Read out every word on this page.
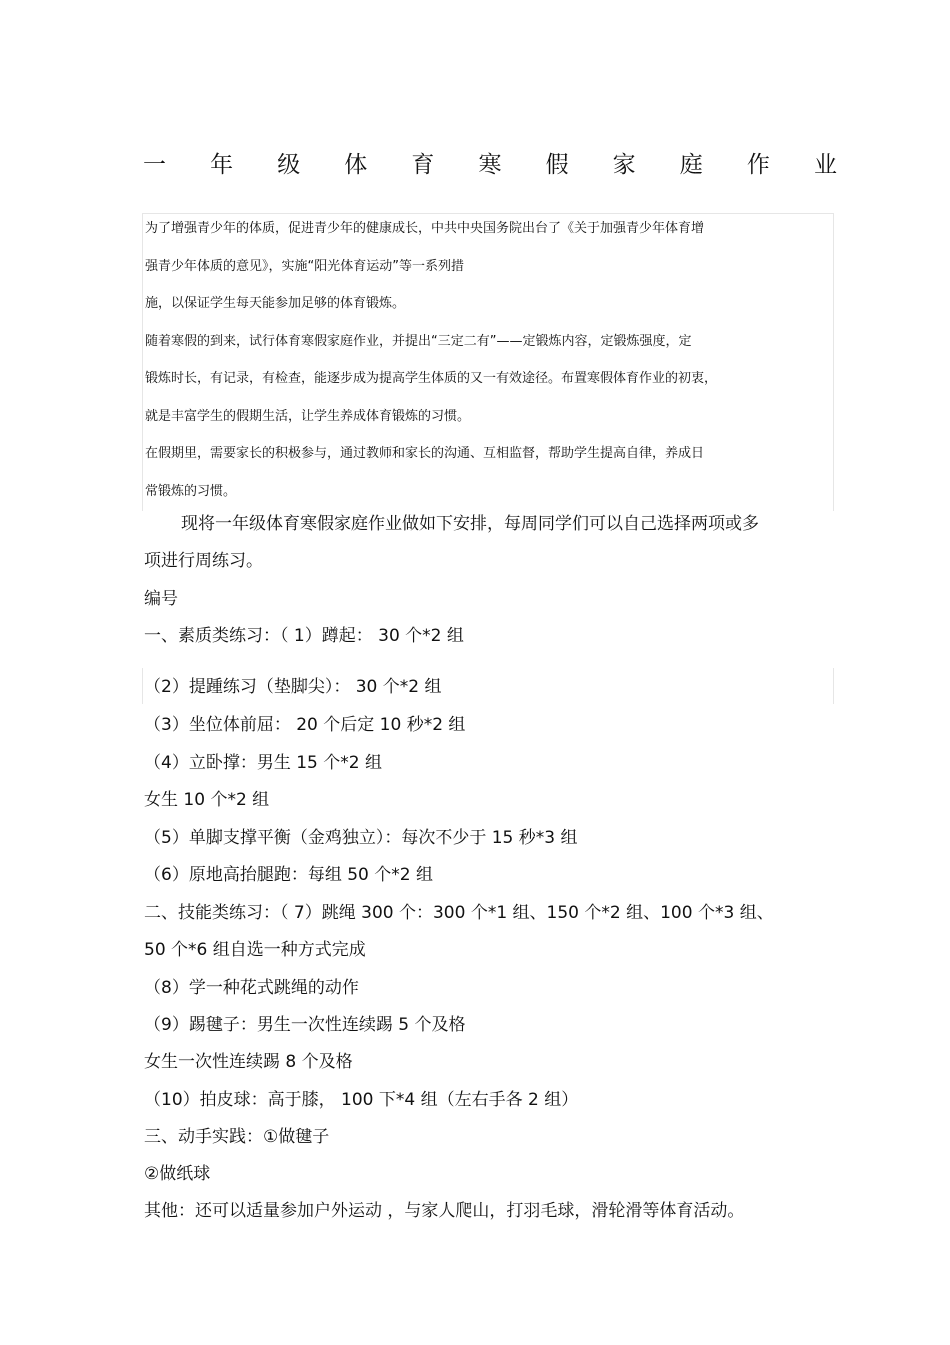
一 年 级 体 育 寒 假 家 庭 作 业
为了增强青少年的体质，促进青少年的健康成长，中共中央国务院出台了《关于加强青少年体育增
强青少年体质的意见》，实施“阳光体育运动”等一系列措
施，以保证学生每天能参加足够的体育锻炼。
随着寒假的到来，试行体育寒假家庭作业，并提出“三定二有”——定锻炼内容，定锻炼强度，定
锻炼时长，有记录，有检查，能逐步成为提高学生体质的又一有效途径。布置寒假体育作业的初衷，
就是丰富学生的假期生活，让学生养成体育锻炼的习惯。
在假期里，需要家长的积极参与，通过教师和家长的沟通、互相监督，帮助学生提高自律，养成日
常锻炼的习惯。
现将一年级体育寒假家庭作业做如下安排，每周同学们可以自己选择两项或多
项进行周练习。
编号
一、素质类练习：（ 1）蹲起： 30 个*2 组
（2）提踵练习（垫脚尖）： 30 个*2 组
（3）坐位体前屈： 20 个后定 10 秒*2 组
（4）立卧撑：男生 15 个*2 组
女生 10 个*2 组
（5）单脚支撑平衡（金鸡独立）：每次不少于 15 秒*3 组
（6）原地高抬腿跑：每组 50 个*2 组
二、技能类练习：（ 7）跳绳 300 个：300 个*1 组、150 个*2 组、100 个*3 组、
50 个*6 组自选一种方式完成
（8）学一种花式跳绳的动作
（9）踢毽子：男生一次性连续踢 5 个及格
女生一次性连续踢 8 个及格
（10）拍皮球：高于膝， 100 下*4 组（左右手各 2 组）
三、动手实践：①做毽子
②做纸球
其他：还可以适量参加户外运动 ，与家人爬山，打羽毛球，滑轮滑等体育活动。
